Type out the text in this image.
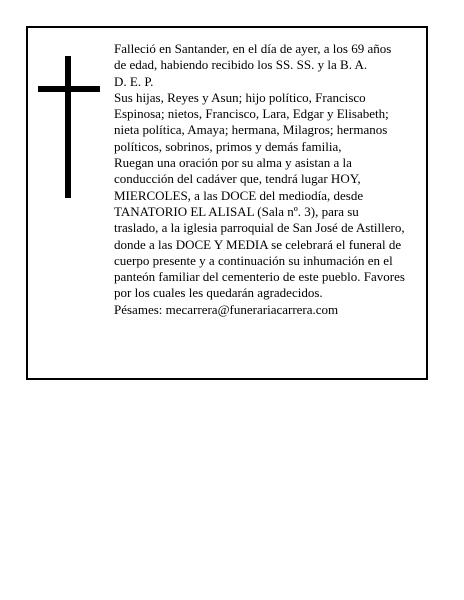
Falleció en Santander, en el día de ayer, a los 69 años
de edad, habiendo recibido los SS. SS. y la B. A.
D. E. P.
Sus hijas, Reyes y Asun; hijo político, Francisco
Espinosa; nietos, Francisco, Lara, Edgar y Elisabeth;
nieta política, Amaya; hermana, Milagros; hermanos
políticos, sobrinos, primos y demás familia,
Ruegan una oración por su alma y asistan a la
conducción del cadáver que, tendrá lugar HOY,
MIERCOLES, a las DOCE del mediodía, desde
TANATORIO EL ALISAL (Sala nº. 3), para su
traslado, a la iglesia parroquial de San José de Astillero,
donde a las DOCE Y MEDIA se celebrará el funeral de
cuerpo presente y a continuación su inhumación en el
panteón familiar del cementerio de este pueblo. Favores
por los cuales les quedarán agradecidos.
Pésames: mecarrera@funerariacarrera.com
